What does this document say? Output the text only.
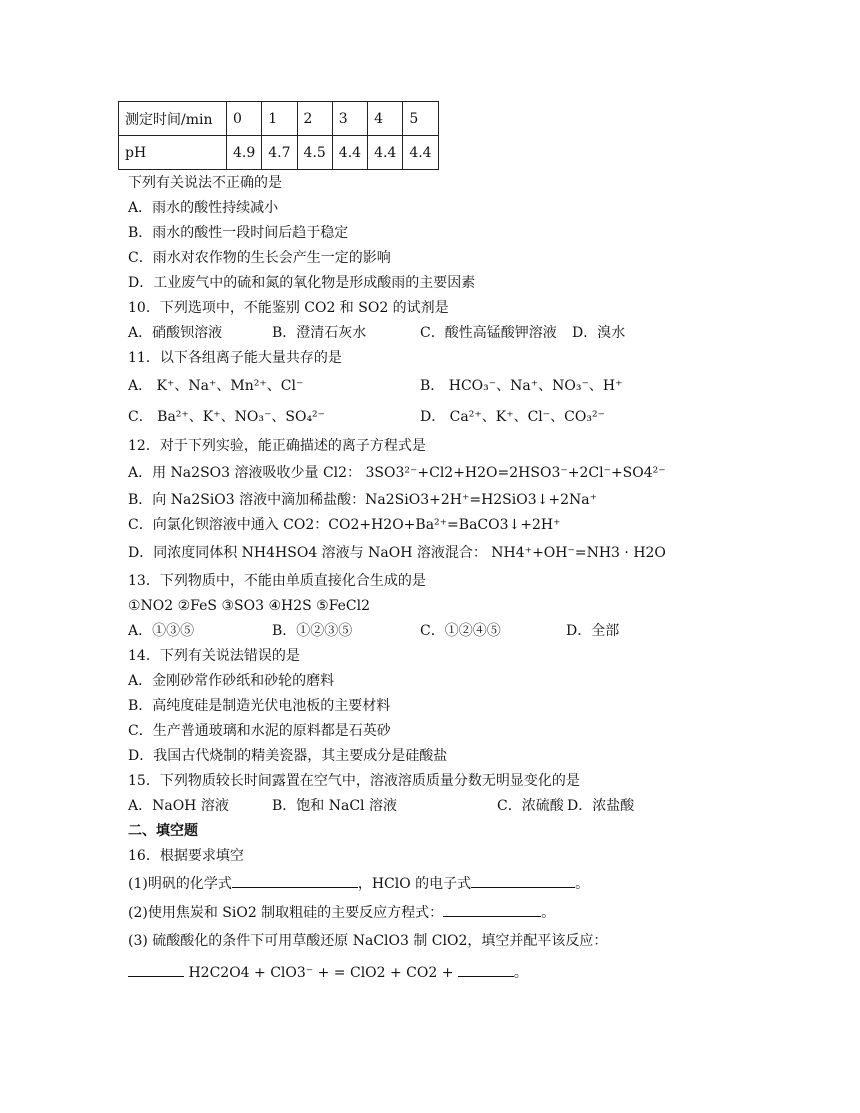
测定时间/min	0	1	2	3	4	5
pH	4.9	4.7	4.5	4.4	4.4	4.4
下列有关说法不正确的是
A．雨水的酸性持续减小
B．雨水的酸性一段时间后趋于稳定
C．雨水对农作物的生长会产生一定的影响
D．工业废气中的硫和氮的氧化物是形成酸雨的主要因素
10．下列选项中，不能鉴别 CO2 和 SO2 的试剂是
A．硝酸钡溶液	B．澄清石灰水	C．酸性高锰酸钾溶液 D．溴水
11．以下各组离子能大量共存的是
A． K⁺、Na⁺、Mn²⁺、Cl⁻	B． HCO₃⁻、Na⁺、NO₃⁻、H⁺
C． Ba²⁺、K⁺、NO₃⁻、SO₄²⁻	D． Ca²⁺、K⁺、Cl⁻、CO₃²⁻
12．对于下列实验，能正确描述的离子方程式是
A．用 Na2SO3 溶液吸收少量 Cl2： 3SO3²⁻+Cl2+H2O=2HSO3⁻+2Cl⁻+SO4²⁻
B．向 Na2SiO3 溶液中滴加稀盐酸：Na2SiO3+2H⁺=H2SiO3↓+2Na⁺
C．向氯化钡溶液中通入 CO2：CO2+H2O+Ba²⁺=BaCO3↓+2H⁺
D．同浓度同体积 NH4HSO4 溶液与 NaOH 溶液混合： NH4⁺+OH⁻=NH3 · H2O
13．下列物质中，不能由单质直接化合生成的是
①NO2 ②FeS ③SO3 ④H2S ⑤FeCl2
A．①③⑤	B．①②③⑤	C．①②④⑤	D．全部
14．下列有关说法错误的是
A．金刚砂常作砂纸和砂轮的磨料
B．高纯度硅是制造光伏电池板的主要材料
C．生产普通玻璃和水泥的原料都是石英砂
D．我国古代烧制的精美瓷器，其主要成分是硅酸盐
15．下列物质较长时间露置在空气中，溶液溶质质量分数无明显变化的是
A．NaOH 溶液	B．饱和 NaCl 溶液	C．浓硫酸 D．浓盐酸
二、填空题
16．根据要求填空
(1)明矾的化学式	，HClO 的电子式	。
(2)使用焦炭和 SiO2 制取粗硅的主要反应方程式：	。
(3) 硫酸酸化的条件下可用草酸还原 NaClO3 制 ClO2，填空并配平该反应：
H2C2O4 + ClO3⁻ + = ClO2 + CO2 +	。
